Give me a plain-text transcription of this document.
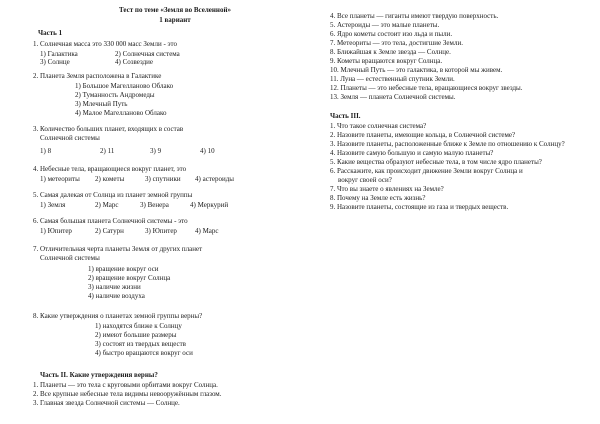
Тест по теме «Земля во Вселенной»
1 вариант
Часть 1
1. Солнечная масса это 330 000 масс Земли - это
1) Галактика	2) Солнечная система
3) Солнце	4) Созвездие
2. Планета Земля расположена в Галактике
1) Большое Магелланово Облако
2) Туманность Андромеды
3) Млечный Путь
4) Малое Магелланово Облако
3. Количество больших планет, входящих в состав
Солнечной системы
1) 8	2) 11	3) 9	4) 10
4. Небесные тела, вращающиеся вокруг планет, это
1) метеориты 2) кометы	3) спутники 4) астероиды
5. Самая далекая от Солнца из планет земной группы
1) Земля	2) Марс	3) Венера	4) Меркурий
6. Самая большая планета Солнечной системы - это
1) Юпитер	2) Сатурн	3) Юпитер	4) Марс
7. Отличительная черта планеты Земля от других планет
Солнечной системы
1) вращение вокруг оси
2) вращение вокруг Солнца
3) наличие жизни
4) наличие воздуха
8. Какие утверждения о планетах земной группы верны?
1) находятся ближе к Солнцу
2) имеют большие размеры
3) состоят из твердых веществ
4) быстро вращаются вокруг оси
Часть II. Какие утверждения верны?
1. Планеты — это тела с круговыми орбитами вокруг Солнца.
2. Все крупные небесные тела видимы невооружённым глазом.
3. Главная звезда Солнечной системы — Солнце.
4. Все планеты — гиганты имеют твердую поверхность.
5. Астероиды — это малые планеты.
6. Ядро кометы состоит изо льда и пыли.
7. Метеориты — это тела, достигшие Земли.
8. Ближайшая к Земле звезда — Солнце.
9. Кометы вращаются вокруг Солнца.
10. Млечный Путь — это галактика, в которой мы живем.
11. Луна — естественный спутник Земли.
12. Планеты — это небесные тела, вращающиеся вокруг звезды.
13. Земля — планета Солнечной системы.
Часть III.
1. Что такое солнечная система?
2. Назовите планеты, имеющие кольца, в Солнечной системе?
3. Назовите планеты, расположенные ближе к Земле по отношению к Солнцу?
4. Назовите самую большую и самую малую планеты?
5. Какие вещества образуют небесные тела, в том числе ядро планеты?
6. Расскажите, как происходит движение Земли вокруг Солнца и
вокруг своей оси?
7. Что вы знаете о явлениях на Земле?
8. Почему на Земле есть жизнь?
9. Назовите планеты, состоящие из газа и твердых веществ.
